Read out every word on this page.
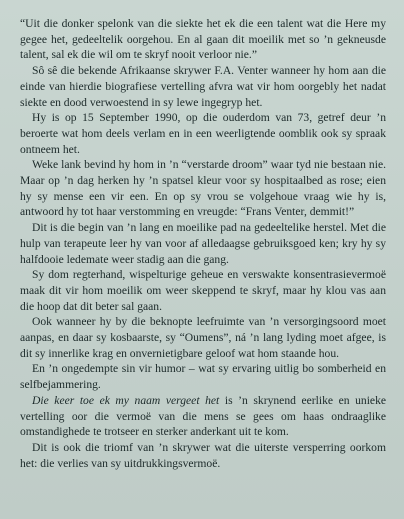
“Uit die donker spelonk van die siekte het ek die een talent wat die Here my gegee het, gedeeltelik oorgehou. En al gaan dit moeilik met so ’n gekneusde talent, sal ek die wil om te skryf nooit verloor nie.”

Sô sê die bekende Afrikaanse skrywer F.A. Venter wanneer hy hom aan die einde van hierdie biografiese vertelling afvra wat vir hom oorgebly het nadat siekte en dood verwoestend in sy lewe ingegryp het.

Hy is op 15 September 1990, op die ouderdom van 73, getref deur ’n beroerte wat hom deels verlam en in een weerligtende oomblik ook sy spraak ontneem het.

Weke lank bevind hy hom in ’n “verstarde droom” waar tyd nie bestaan nie. Maar op ’n dag herken hy ’n spatsel kleur voor sy hospitaalbed as rose; eien hy sy mense een vir een. En op sy vrou se volgehoue vraag wie hy is, antwoord hy tot haar verstomming en vreugde: “Frans Venter, demmit!”

Dit is die begin van ’n lang en moeilike pad na gedeeltelike herstel. Met die hulp van terapeute leer hy van voor af alledaagse gebruiksgoed ken; kry hy sy halfdooie ledemate weer stadig aan die gang.

Sy dom regterhand, wispelturige geheue en verswakte konsentrasievermoë maak dit vir hom moeilik om weer skeppend te skryf, maar hy klou vas aan die hoop dat dit beter sal gaan.

Ook wanneer hy by die beknopte leefruimte van ’n versorgingsoord moet aanpas, en daar sy kosbaarste, sy “Oumens”, ná ’n lang lyding moet afgee, is dit sy innerlike krag en onvernietigbare geloof wat hom staande hou.

En ’n ongedempte sin vir humor – wat sy ervaring uitlig bo somberheid en selfbejammering.

Die keer toe ek my naam vergeet het is ’n skrynend eerlike en unieke vertelling oor die vermoë van die mens se gees om haas ondraaglike omstandighede te trotseer en sterker anderkant uit te kom.

Dit is ook die triomf van ’n skrywer wat die uiterste versperring oorkom het: die verlies van sy uitdrukkingsvermoë.
